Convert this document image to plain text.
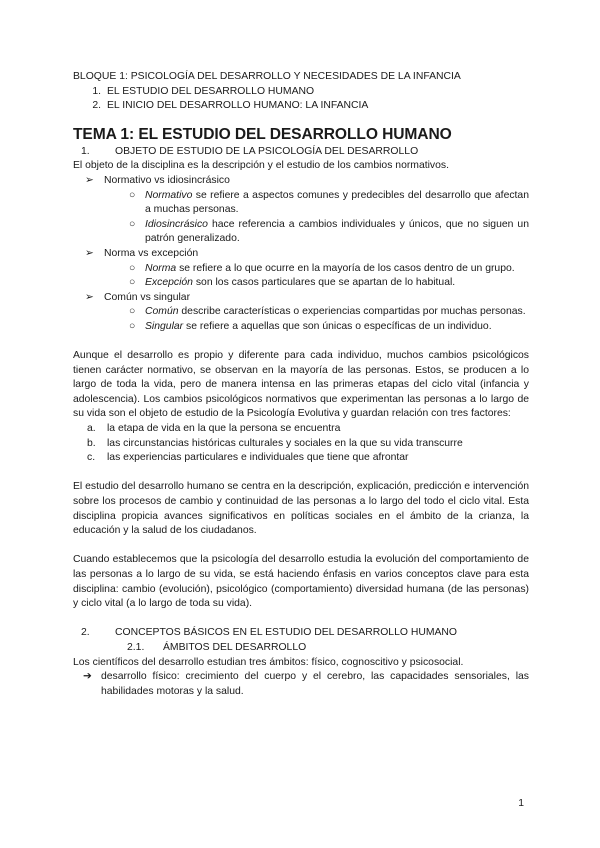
BLOQUE 1: PSICOLOGÍA DEL DESARROLLO Y NECESIDADES DE LA INFANCIA

1. EL ESTUDIO DEL DESARROLLO HUMANO
2. EL INICIO DEL DESARROLLO HUMANO: LA INFANCIA
TEMA 1: EL ESTUDIO DEL DESARROLLO HUMANO
1.	OBJETO DE ESTUDIO DE LA PSICOLOGÍA DEL DESARROLLO

El objeto de la disciplina es la descripción y el estudio de los cambios normativos.

➢ Normativo vs idiosincrásico
○ Normativo se refiere a aspectos comunes y predecibles del desarrollo que afectan a muchas personas.
○ Idiosincrásico hace referencia a cambios individuales y únicos, que no siguen un patrón generalizado.
➢ Norma vs excepción
○ Norma se refiere a lo que ocurre en la mayoría de los casos dentro de un grupo.
○ Excepción son los casos particulares que se apartan de lo habitual.
➢ Común vs singular
○ Común describe características o experiencias compartidas por muchas personas.
○ Singular se refiere a aquellas que son únicas o específicas de un individuo.

Aunque el desarrollo es propio y diferente para cada individuo, muchos cambios psicológicos tienen carácter normativo, se observan en la mayoría de las personas. Estos, se producen a lo largo de toda la vida, pero de manera intensa en las primeras etapas del ciclo vital (infancia y adolescencia). Los cambios psicológicos normativos que experimentan las personas a lo largo de su vida son el objeto de estudio de la Psicología Evolutiva y guardan relación con tres factores:

a.	la etapa de vida en la que la persona se encuentra
b.	las circunstancias históricas culturales y sociales en la que su vida transcurre
c.	las experiencias particulares e individuales que tiene que afrontar

El estudio del desarrollo humano se centra en la descripción, explicación, predicción e intervención sobre los procesos de cambio y continuidad de las personas a lo largo del todo el ciclo vital. Esta disciplina propicia avances significativos en políticas sociales en el ámbito de la crianza, la educación y la salud de los ciudadanos.

Cuando establecemos que la psicología del desarrollo estudia la evolución del comportamiento de las personas a lo largo de su vida, se está haciendo énfasis en varios conceptos clave para esta disciplina: cambio (evolución), psicológico (comportamiento) diversidad humana (de las personas) y ciclo vital (a lo largo de toda su vida).

2.	CONCEPTOS BÁSICOS EN EL ESTUDIO DEL DESARROLLO HUMANO
2.1.	ÁMBITOS DEL DESARROLLO

Los científicos del desarrollo estudian tres ámbitos: físico, cognoscitivo y psicosocial.

➔ desarrollo físico: crecimiento del cuerpo y el cerebro, las capacidades sensoriales, las habilidades motoras y la salud.
1
